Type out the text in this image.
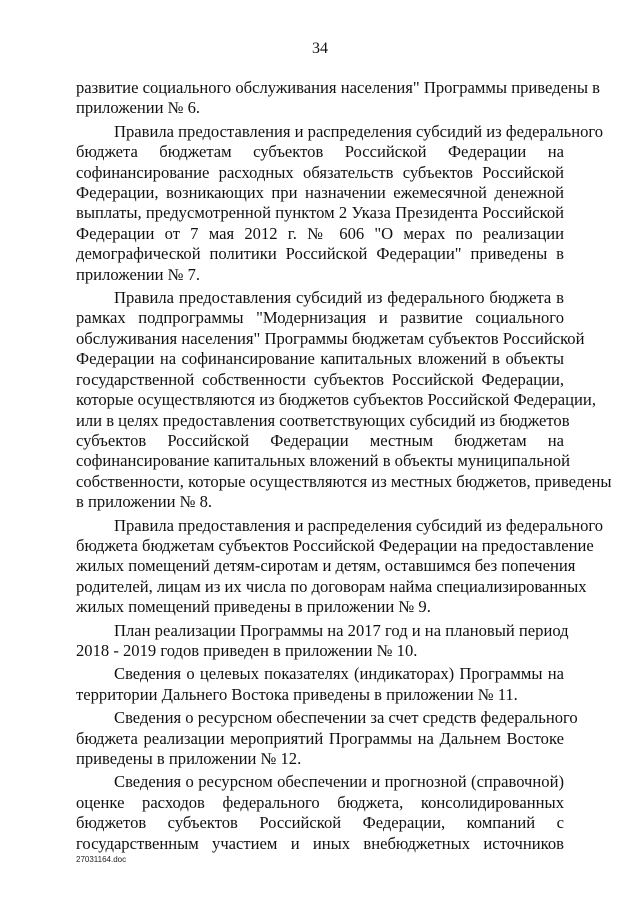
34
развитие социального обслуживания населения" Программы приведены в
приложении № 6.
Правила предоставления и распределения субсидий из федерального
бюджета бюджетам субъектов Российской Федерации на
софинансирование расходных обязательств субъектов Российской
Федерации, возникающих при назначении ежемесячной денежной
выплаты, предусмотренной пунктом 2 Указа Президента Российской
Федерации от 7 мая 2012 г. № 606 "О мерах по реализации
демографической политики Российской Федерации" приведены в
приложении № 7.
Правила предоставления субсидий из федерального бюджета в
рамках подпрограммы "Модернизация и развитие социального
обслуживания населения" Программы бюджетам субъектов Российской
Федерации на софинансирование капитальных вложений в объекты
государственной собственности субъектов Российской Федерации,
которые осуществляются из бюджетов субъектов Российской Федерации,
или в целях предоставления соответствующих субсидий из бюджетов
субъектов Российской Федерации местным бюджетам на
софинансирование капитальных вложений в объекты муниципальной
собственности, которые осуществляются из местных бюджетов, приведены
в приложении № 8.
Правила предоставления и распределения субсидий из федерального
бюджета бюджетам субъектов Российской Федерации на предоставление
жилых помещений детям-сиротам и детям, оставшимся без попечения
родителей, лицам из их числа по договорам найма специализированных
жилых помещений приведены в приложении № 9.
План реализации Программы на 2017 год и на плановый период
2018 - 2019 годов приведен в приложении № 10.
Сведения о целевых показателях (индикаторах) Программы на
территории Дальнего Востока приведены в приложении № 11.
Сведения о ресурсном обеспечении за счет средств федерального
бюджета реализации мероприятий Программы на Дальнем Востоке
приведены в приложении № 12.
Сведения о ресурсном обеспечении и прогнозной (справочной)
оценке расходов федерального бюджета, консолидированных
бюджетов субъектов Российской Федерации, компаний с
государственным участием и иных внебюджетных источников
27031164.doc
